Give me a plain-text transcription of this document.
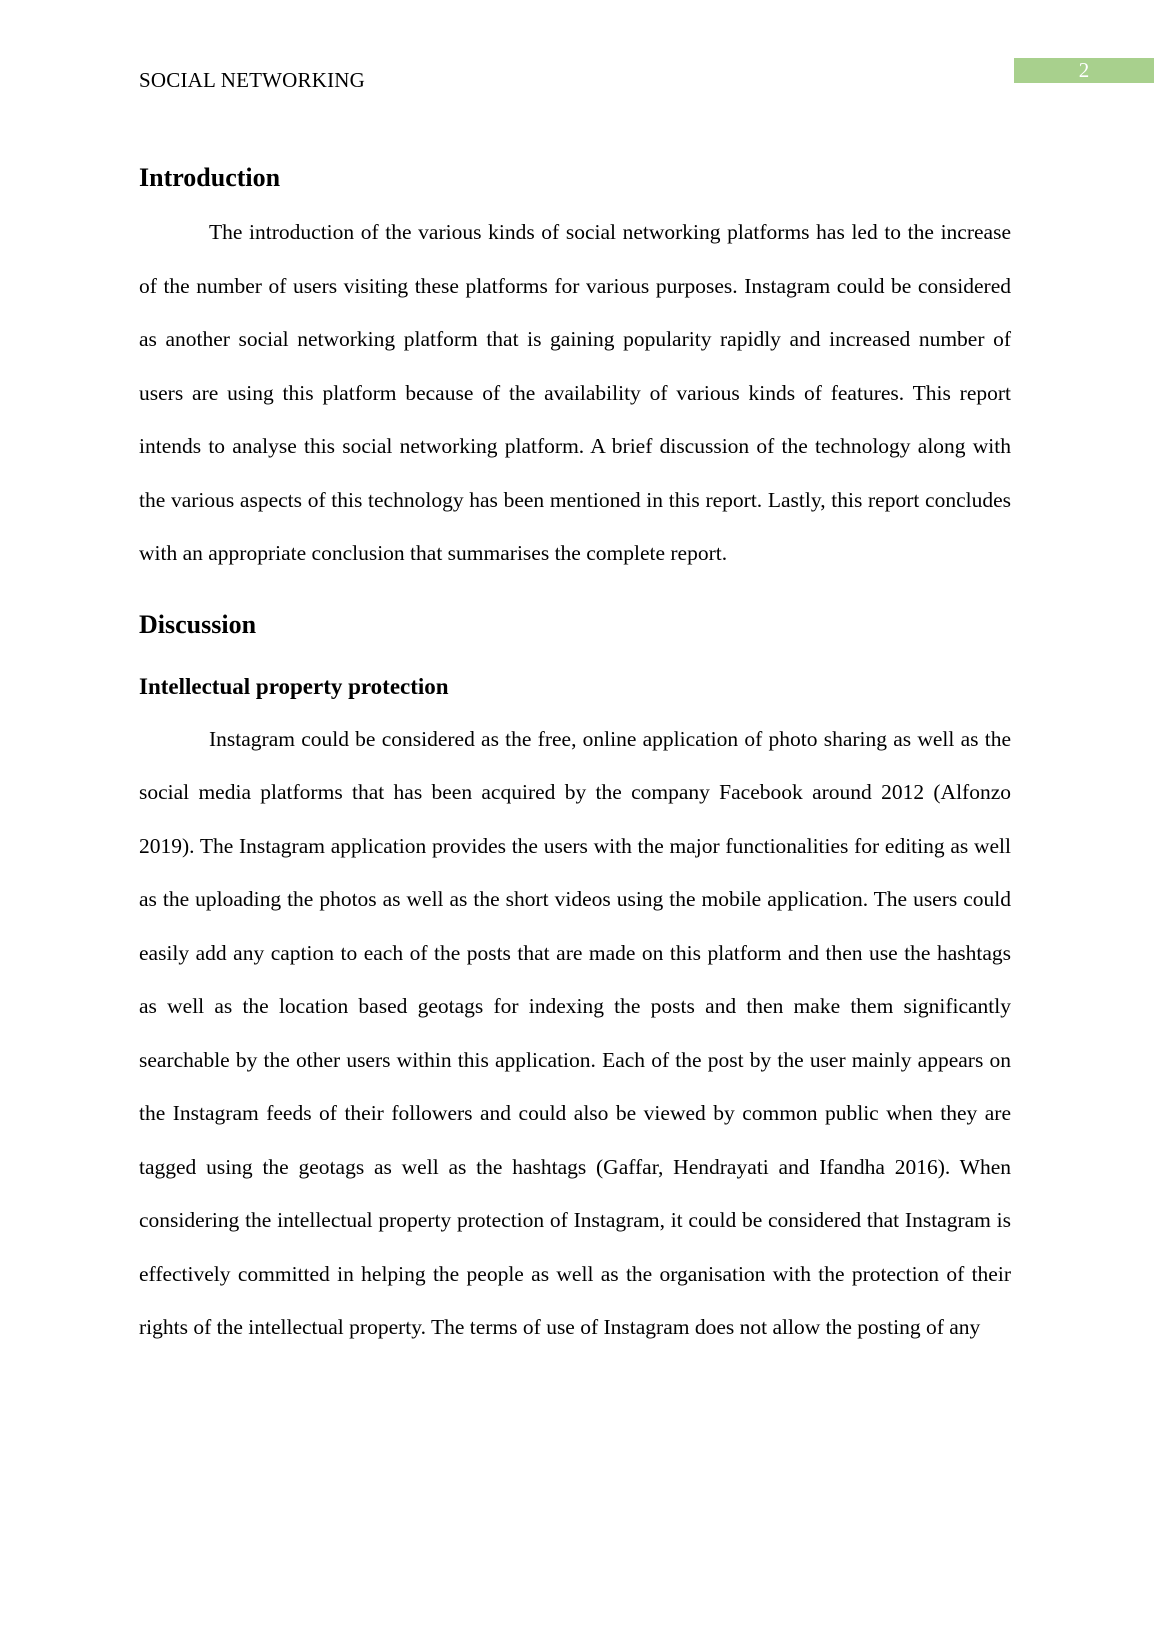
SOCIAL NETWORKING	2
Introduction

The introduction of the various kinds of social networking platforms has led to the increase of the number of users visiting these platforms for various purposes. Instagram could be considered as another social networking platform that is gaining popularity rapidly and increased number of users are using this platform because of the availability of various kinds of features. This report intends to analyse this social networking platform. A brief discussion of the technology along with the various aspects of this technology has been mentioned in this report. Lastly, this report concludes with an appropriate conclusion that summarises the complete report.

Discussion
Intellectual property protection

Instagram could be considered as the free, online application of photo sharing as well as the social media platforms that has been acquired by the company Facebook around 2012 (Alfonzo 2019). The Instagram application provides the users with the major functionalities for editing as well as the uploading the photos as well as the short videos using the mobile application. The users could easily add any caption to each of the posts that are made on this platform and then use the hashtags as well as the location based geotags for indexing the posts and then make them significantly searchable by the other users within this application. Each of the post by the user mainly appears on the Instagram feeds of their followers and could also be viewed by common public when they are tagged using the geotags as well as the hashtags (Gaffar, Hendrayati and Ifandha 2016). When considering the intellectual property protection of Instagram, it could be considered that Instagram is effectively committed in helping the people as well as the organisation with the protection of their rights of the intellectual property. The terms of use of Instagram does not allow the posting of any
